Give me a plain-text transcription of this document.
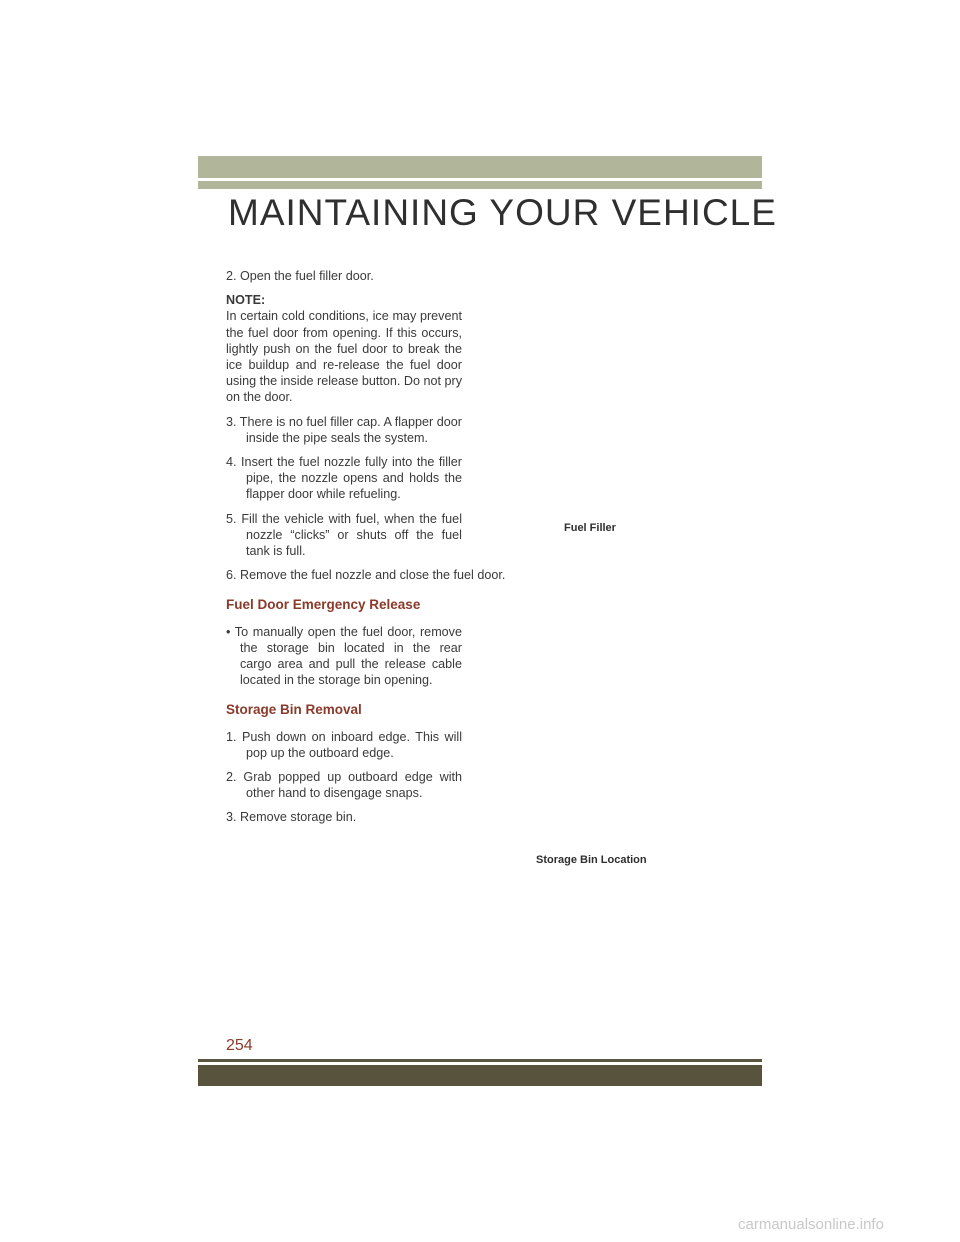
MAINTAINING YOUR VEHICLE

2. Open the fuel filler door.

NOTE:

In certain cold conditions, ice may prevent the fuel door from opening. If this occurs, lightly push on the fuel door to break the ice buildup and re-release the fuel door using the inside release button. Do not pry on the door.

3. There is no fuel filler cap. A flapper door inside the pipe seals the system.

4. Insert the fuel nozzle fully into the filler pipe, the nozzle opens and holds the flapper door while refueling.

5. Fill the vehicle with fuel, when the fuel nozzle “clicks” or shuts off the fuel tank is full.

6. Remove the fuel nozzle and close the fuel door.

Fuel Door Emergency Release

• To manually open the fuel door, remove the storage bin located in the rear cargo area and pull the release cable located in the storage bin opening.

Storage Bin Removal

1. Push down on inboard edge. This will pop up the outboard edge.

2. Grab popped up outboard edge with other hand to disengage snaps.

3. Remove storage bin.

Fuel Filler
Storage Bin Location
254
carmanualsonline.info
